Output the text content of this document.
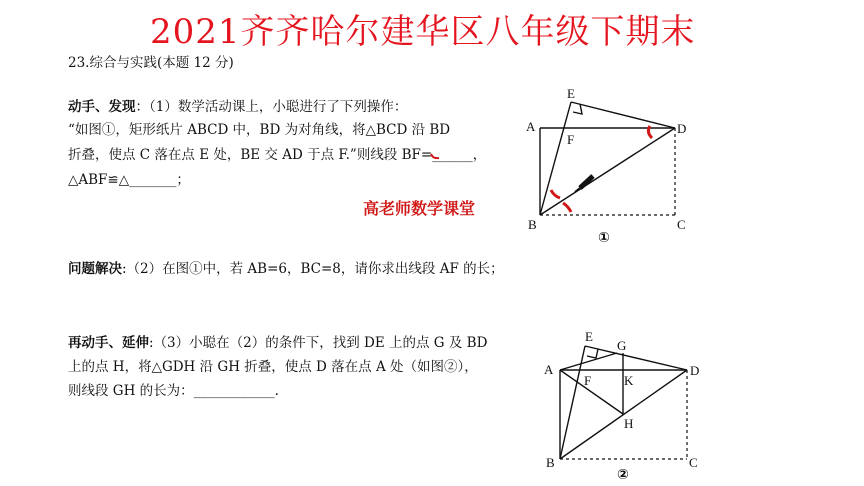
2021齐齐哈尔建华区八年级下期末
23.综合与实践(本题 12 分)
动手、发现：（1）数学活动课上，小聪进行了下列操作：
“如图①，矩形纸片 ABCD 中，BD 为对角线，将△BCD 沿 BD
折叠，使点 C 落在点 E 处，BE 交 AD 于点 F.”则线段 BF=______，
△ABF≌△_______；
高老师数学课堂
问题解决:（2）在图①中，若 AB=6，BC=8，请你求出线段 AF 的长；
再动手、延伸:（3）小聪在（2）的条件下，找到 DE 上的点 G 及 BD
上的点 H，将△GDH 沿 GH 折叠，使点 D 落在点 A 处（如图②），
则线段 GH 的长为：____________.
E
A
F
D
B	C
①
E
G
A
F	K
D
H
B	C
②
